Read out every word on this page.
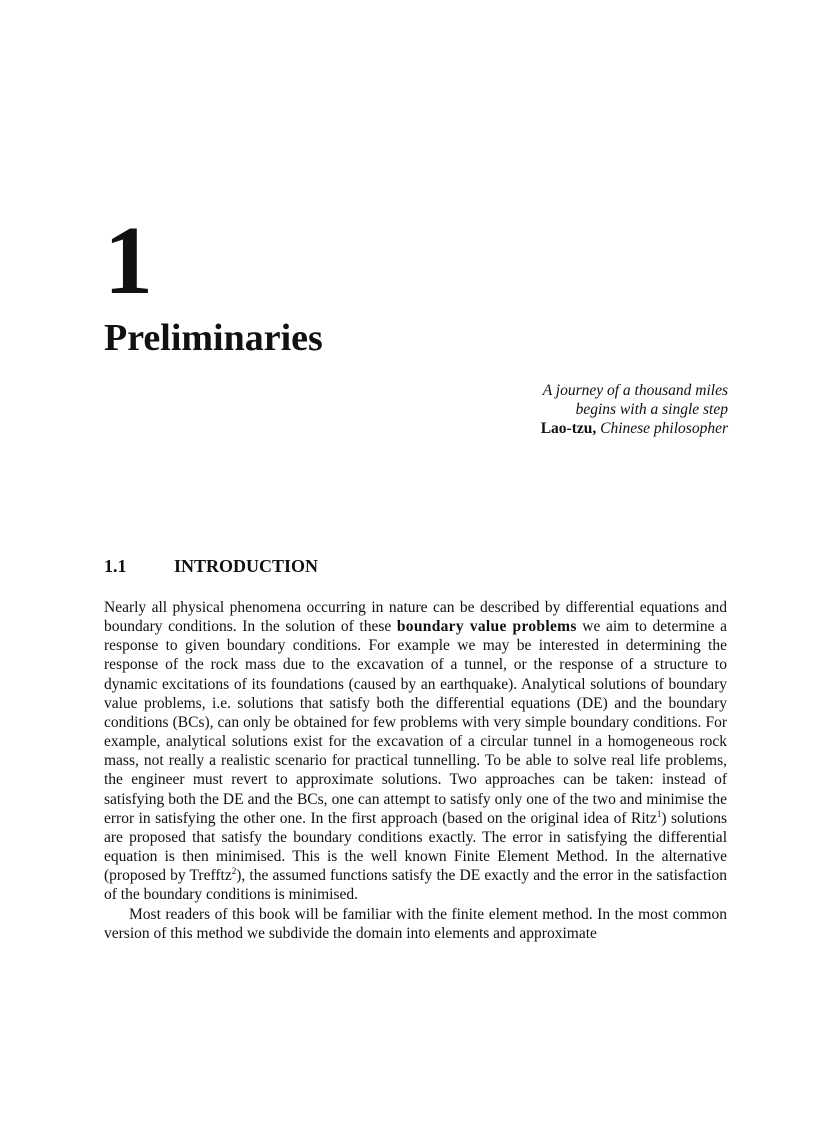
1
Preliminaries
A journey of a thousand miles
begins with a single step
Lao-tzu, Chinese philosopher
1.1	INTRODUCTION

Nearly all physical phenomena occurring in nature can be described by differential equations and boundary conditions. In the solution of these boundary value problems we aim to determine a response to given boundary conditions. For example we may be interested in determining the response of the rock mass due to the excavation of a tunnel, or the response of a structure to dynamic excitations of its foundations (caused by an earthquake). Analytical solutions of boundary value problems, i.e. solutions that satisfy both the differential equations (DE) and the boundary conditions (BCs), can only be obtained for few problems with very simple boundary conditions. For example, analytical solutions exist for the excavation of a circular tunnel in a homogeneous rock mass, not really a realistic scenario for practical tunnelling. To be able to solve real life problems, the engineer must revert to approximate solutions. Two approaches can be taken: instead of satisfying both the DE and the BCs, one can attempt to satisfy only one of the two and minimise the error in satisfying the other one. In the first approach (based on the original idea of Ritz$^1$) solutions are proposed that satisfy the boundary conditions exactly. The error in satisfying the differential equation is then minimised. This is the well known Finite Element Method. In the alternative (proposed by Trefftz$^2$), the assumed functions satisfy the DE exactly and the error in the satisfaction of the boundary conditions is minimised.

Most readers of this book will be familiar with the finite element method. In the most common version of this method we subdivide the domain into elements and approximate
